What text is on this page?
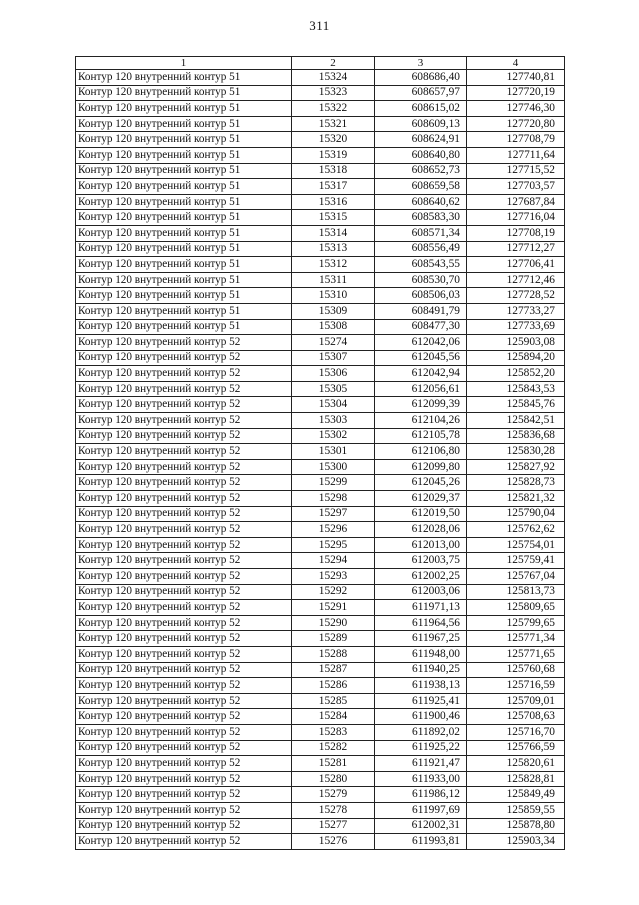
311
1	2	3	4
Контур 120 внутренний контур 51	15324	608686,40	127740,81
Контур 120 внутренний контур 51	15323	608657,97	127720,19
Контур 120 внутренний контур 51	15322	608615,02	127746,30
Контур 120 внутренний контур 51	15321	608609,13	127720,80
Контур 120 внутренний контур 51	15320	608624,91	127708,79
Контур 120 внутренний контур 51	15319	608640,80	127711,64
Контур 120 внутренний контур 51	15318	608652,73	127715,52
Контур 120 внутренний контур 51	15317	608659,58	127703,57
Контур 120 внутренний контур 51	15316	608640,62	127687,84
Контур 120 внутренний контур 51	15315	608583,30	127716,04
Контур 120 внутренний контур 51	15314	608571,34	127708,19
Контур 120 внутренний контур 51	15313	608556,49	127712,27
Контур 120 внутренний контур 51	15312	608543,55	127706,41
Контур 120 внутренний контур 51	15311	608530,70	127712,46
Контур 120 внутренний контур 51	15310	608506,03	127728,52
Контур 120 внутренний контур 51	15309	608491,79	127733,27
Контур 120 внутренний контур 51	15308	608477,30	127733,69
Контур 120 внутренний контур 52	15274	612042,06	125903,08
Контур 120 внутренний контур 52	15307	612045,56	125894,20
Контур 120 внутренний контур 52	15306	612042,94	125852,20
Контур 120 внутренний контур 52	15305	612056,61	125843,53
Контур 120 внутренний контур 52	15304	612099,39	125845,76
Контур 120 внутренний контур 52	15303	612104,26	125842,51
Контур 120 внутренний контур 52	15302	612105,78	125836,68
Контур 120 внутренний контур 52	15301	612106,80	125830,28
Контур 120 внутренний контур 52	15300	612099,80	125827,92
Контур 120 внутренний контур 52	15299	612045,26	125828,73
Контур 120 внутренний контур 52	15298	612029,37	125821,32
Контур 120 внутренний контур 52	15297	612019,50	125790,04
Контур 120 внутренний контур 52	15296	612028,06	125762,62
Контур 120 внутренний контур 52	15295	612013,00	125754,01
Контур 120 внутренний контур 52	15294	612003,75	125759,41
Контур 120 внутренний контур 52	15293	612002,25	125767,04
Контур 120 внутренний контур 52	15292	612003,06	125813,73
Контур 120 внутренний контур 52	15291	611971,13	125809,65
Контур 120 внутренний контур 52	15290	611964,56	125799,65
Контур 120 внутренний контур 52	15289	611967,25	125771,34
Контур 120 внутренний контур 52	15288	611948,00	125771,65
Контур 120 внутренний контур 52	15287	611940,25	125760,68
Контур 120 внутренний контур 52	15286	611938,13	125716,59
Контур 120 внутренний контур 52	15285	611925,41	125709,01
Контур 120 внутренний контур 52	15284	611900,46	125708,63
Контур 120 внутренний контур 52	15283	611892,02	125716,70
Контур 120 внутренний контур 52	15282	611925,22	125766,59
Контур 120 внутренний контур 52	15281	611921,47	125820,61
Контур 120 внутренний контур 52	15280	611933,00	125828,81
Контур 120 внутренний контур 52	15279	611986,12	125849,49
Контур 120 внутренний контур 52	15278	611997,69	125859,55
Контур 120 внутренний контур 52	15277	612002,31	125878,80
Контур 120 внутренний контур 52	15276	611993,81	125903,34
